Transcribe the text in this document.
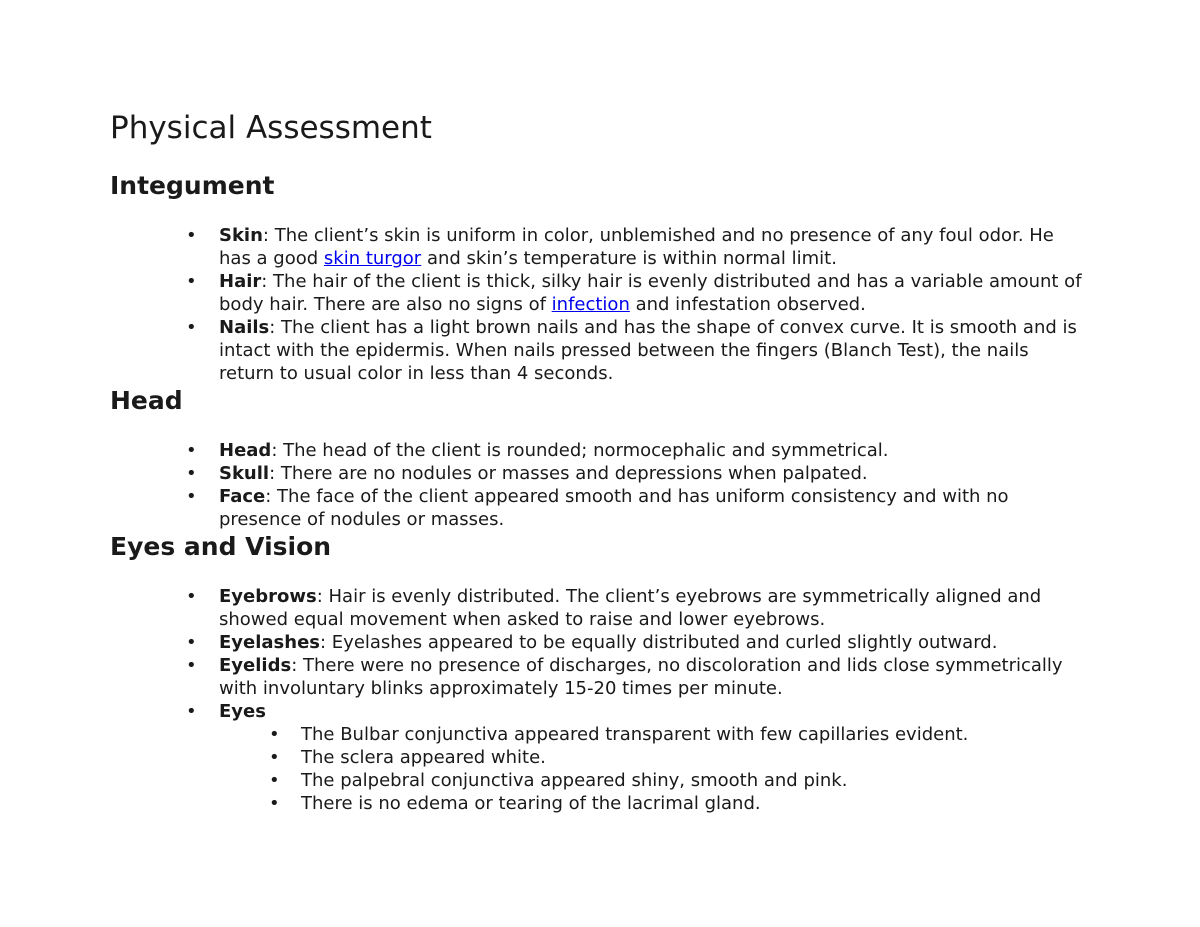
Physical Assessment
Integument
•	Skin: The client’s skin is uniform in color, unblemished and no presence of any foul odor. He has a good skin turgor and skin’s temperature is within normal limit.
•	Hair: The hair of the client is thick, silky hair is evenly distributed and has a variable amount of body hair. There are also no signs of infection and infestation observed.
•	Nails: The client has a light brown nails and has the shape of convex curve. It is smooth and is intact with the epidermis. When nails pressed between the fingers (Blanch Test), the nails return to usual color in less than 4 seconds.
Head
•	Head: The head of the client is rounded; normocephalic and symmetrical.
•	Skull: There are no nodules or masses and depressions when palpated.
•	Face: The face of the client appeared smooth and has uniform consistency and with no presence of nodules or masses.
Eyes and Vision
•	Eyebrows: Hair is evenly distributed. The client’s eyebrows are symmetrically aligned and showed equal movement when asked to raise and lower eyebrows.
•	Eyelashes: Eyelashes appeared to be equally distributed and curled slightly outward.
•	Eyelids: There were no presence of discharges, no discoloration and lids close symmetrically with involuntary blinks approximately 15-20 times per minute.
•	Eyes
•	The Bulbar conjunctiva appeared transparent with few capillaries evident.
•	The sclera appeared white.
•	The palpebral conjunctiva appeared shiny, smooth and pink.
•	There is no edema or tearing of the lacrimal gland.
